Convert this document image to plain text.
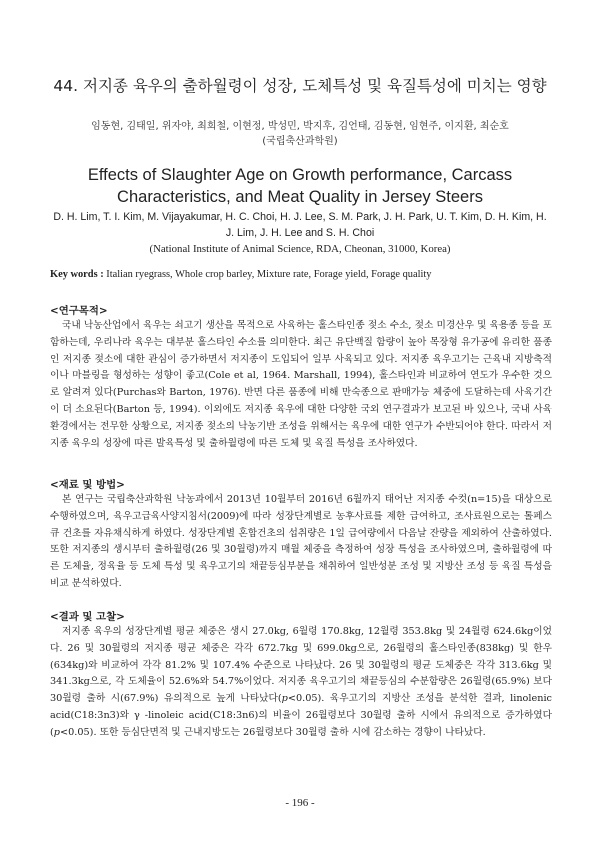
44. 저지종 육우의 출하월령이 성장, 도체특성 및 육질특성에 미치는 영향
임동현, 김태일, 위자야, 최희철, 이현정, 박성민, 박지후, 김언태, 김동현, 임현주, 이지환, 최순호
(국립축산과학원)
Effects of Slaughter Age on Growth performance, Carcass Characteristics, and Meat Quality in Jersey Steers
D. H. Lim, T. I. Kim, M. Vijayakumar, H. C. Choi, H. J. Lee, S. M. Park, J. H. Park, U. T. Kim, D. H. Kim, H. J. Lim, J. H. Lee and S. H. Choi
(National Institute of Animal Science, RDA, Cheonan, 31000, Korea)
Key words : Italian ryegrass, Whole crop barley, Mixture rate, Forage yield, Forage quality
<연구목적>

국내 낙농산업에서 육우는 쇠고기 생산을 목적으로 사육하는 홀스타인종 젖소 수소, 젖소 미경산우 및 육용종 등을 포함하는데, 우리나라 육우는 대부분 홀스타인 수소를 의미한다. 최근 유단백질 함량이 높아 목장형 유가공에 유리한 품종인 저지종 젖소에 대한 관심이 증가하면서 저지종이 도입되어 일부 사육되고 있다. 저지종 육우고기는 근육내 지방축적이나 마블링을 형성하는 성향이 좋고(Cole et al, 1964. Marshall, 1994), 홀스타인과 비교하여 연도가 우수한 것으로 알려져 있다(Purchas와 Barton, 1976). 반면 다른 품종에 비해 만숙종으로 판매가능 체중에 도달하는데 사육기간이 더 소요된다(Barton 등, 1994). 이외에도 저지종 육우에 대한 다양한 국외 연구결과가 보고된 바 있으나, 국내 사육환경에서는 전무한 상황으로, 저지종 젖소의 낙농기반 조성을 위해서는 육우에 대한 연구가 수반되어야 한다. 따라서 저지종 육우의 성장에 따른 발육특성 및 출하월령에 따른 도체 및 육질 특성을 조사하였다.

<재료 및 방법>

본 연구는 국립축산과학원 낙농과에서 2013년 10월부터 2016년 6월까지 태어난 저지종 수컷(n=15)을 대상으로 수행하였으며, 육우고급육사양지침서(2009)에 따라 성장단계별로 농후사료를 제한 급여하고, 조사료원으로는 톨페스큐 건초를 자유채식하게 하였다. 성장단계별 혼합건초의 섭취량은 1일 급여량에서 다음날 잔량을 제외하여 산출하였다. 또한 저지종의 생시부터 출하월령(26 및 30월령)까지 매월 체중을 측정하여 성장 특성을 조사하였으며, 출하월령에 따른 도체율, 정육율 등 도체 특성 및 육우고기의 채끝등심부분을 채취하여 일반성분 조성 및 지방산 조성 등 육질 특성을 비교 분석하였다.

<결과 및 고찰>

저지종 육우의 성장단계별 평균 체중은 생시 27.0kg, 6월령 170.8kg, 12월령 353.8kg 및 24월령 624.6kg이었다. 26 및 30월령의 저지종 평균 체중은 각각 672.7kg 및 699.0kg으로, 26월령의 홀스타인종(838kg) 및 한우(634kg)와 비교하여 각각 81.2% 및 107.4% 수준으로 나타났다. 26 및 30월령의 평균 도체중은 각각 313.6kg 및 341.3kg으로, 각 도체율이 52.6%와 54.7%이었다. 저지종 육우고기의 채끝등심의 수분함량은 26월령(65.9%) 보다 30월령 출하 시(67.9%) 유의적으로 높게 나타났다(p<0.05). 육우고기의 지방산 조성을 분석한 결과, linolenic acid(C18:3n3)와 γ -linoleic acid(C18:3n6)의 비율이 26월령보다 30월령 출하 시에서 유의적으로 증가하였다(p<0.05). 또한 등심단면적 및 근내지방도는 26월령보다 30월령 출하 시에 감소하는 경향이 나타났다.

- 196 -
